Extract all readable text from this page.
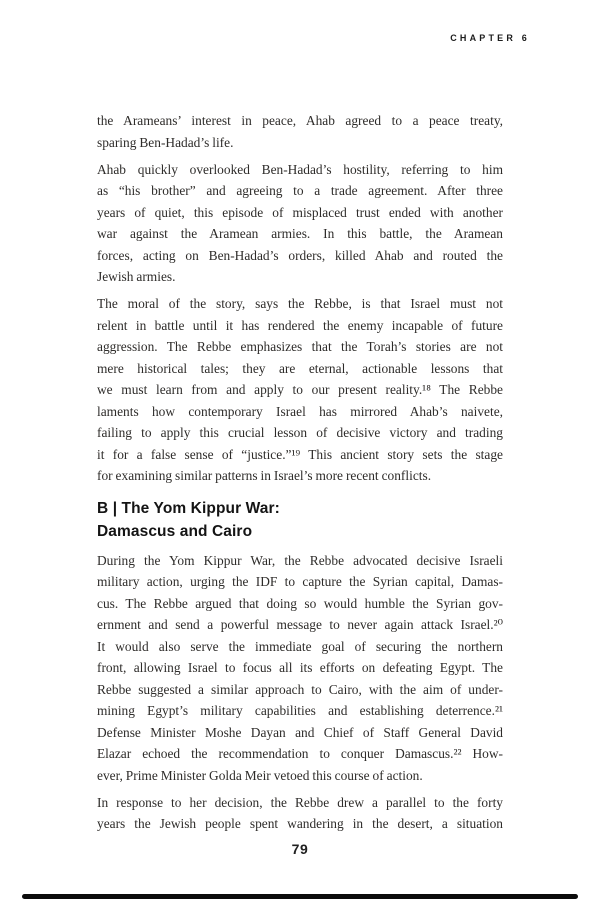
CHAPTER 6
the Arameans’ interest in peace, Ahab agreed to a peace treaty,
sparing Ben-Hadad’s life.
Ahab quickly overlooked Ben-Hadad’s hostility, referring to him
as “his brother” and agreeing to a trade agreement. After three
years of quiet, this episode of misplaced trust ended with another
war against the Aramean armies. In this battle, the Aramean
forces, acting on Ben-Hadad’s orders, killed Ahab and routed the
Jewish armies.
The moral of the story, says the Rebbe, is that Israel must not
relent in battle until it has rendered the enemy incapable of future
aggression. The Rebbe emphasizes that the Torah’s stories are not
mere historical tales; they are eternal, actionable lessons that
we must learn from and apply to our present reality.¹⁸ The Rebbe
laments how contemporary Israel has mirrored Ahab’s naivete,
failing to apply this crucial lesson of decisive victory and trading
it for a false sense of “justice.”¹⁹ This ancient story sets the stage
for examining similar patterns in Israel’s more recent conflicts.
B | The Yom Kippur War:
Damascus and Cairo
During the Yom Kippur War, the Rebbe advocated decisive Israeli
military action, urging the IDF to capture the Syrian capital, Damas-
cus. The Rebbe argued that doing so would humble the Syrian gov-
ernment and send a powerful message to never again attack Israel.²⁰
It would also serve the immediate goal of securing the northern
front, allowing Israel to focus all its efforts on defeating Egypt. The
Rebbe suggested a similar approach to Cairo, with the aim of under-
mining Egypt’s military capabilities and establishing deterrence.²¹
Defense Minister Moshe Dayan and Chief of Staff General David
Elazar echoed the recommendation to conquer Damascus.²² How-
ever, Prime Minister Golda Meir vetoed this course of action.
In response to her decision, the Rebbe drew a parallel to the forty
years the Jewish people spent wandering in the desert, a situation
79
